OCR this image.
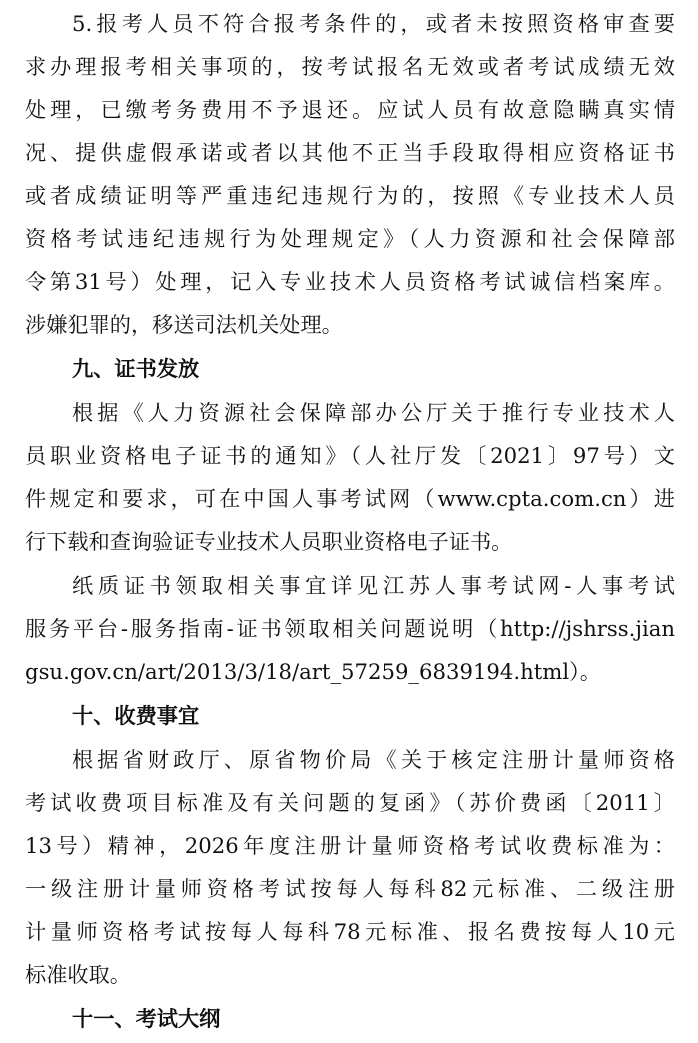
5.报考人员不符合报考条件的，或者未按照资格审查要
求办理报考相关事项的，按考试报名无效或者考试成绩无效
处理，已缴考务费用不予退还。应试人员有故意隐瞒真实情
况、提供虚假承诺或者以其他不正当手段取得相应资格证书
或者成绩证明等严重违纪违规行为的，按照《专业技术人员
资格考试违纪违规行为处理规定》（人力资源和社会保障部
令第31号）处理，记入专业技术人员资格考试诚信档案库。
涉嫌犯罪的，移送司法机关处理。
九、证书发放
根据《人力资源社会保障部办公厅关于推行专业技术人
员职业资格电子证书的通知》（人社厅发〔2021〕97号）文
件规定和要求，可在中国人事考试网（www.cpta.com.cn）进
行下载和查询验证专业技术人员职业资格电子证书。
纸质证书领取相关事宜详见江苏人事考试网-人事考试
服务平台-服务指南-证书领取相关问题说明（http://jshrss.jian
gsu.gov.cn/art/2013/3/18/art_57259_6839194.html）。
十、收费事宜
根据省财政厅、原省物价局《关于核定注册计量师资格
考试收费项目标准及有关问题的复函》（苏价费函〔2011〕
13号）精神，2026年度注册计量师资格考试收费标准为：
一级注册计量师资格考试按每人每科82元标准、二级注册
计量师资格考试按每人每科78元标准、报名费按每人10元
标准收取。
十一、考试大纲
